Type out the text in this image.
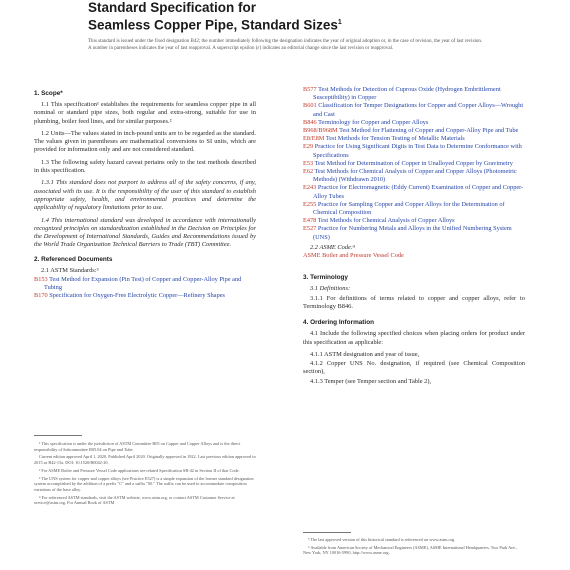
Standard Specification for
Seamless Copper Pipe, Standard Sizes$^1$
This standard is issued under the fixed designation B42; the number immediately following the designation indicates the year of original adoption or, in the case of revision, the year of last revision. A number in parentheses indicates the year of last reapproval. A superscript epsilon (ε) indicates an editorial change since the last revision or reapproval.
1. Scope*

1.1 This specification¹ establishes the requirements for seamless copper pipe in all nominal or standard pipe sizes, both regular and extra-strong, suitable for use in plumbing, boiler feed lines, and for similar purposes.²

1.2 Units—The values stated in inch-pound units are to be regarded as the standard. The values given in parentheses are mathematical conversions to SI units, which are provided for information only and are not considered standard.

1.3 The following safety hazard caveat pertains only to the test methods described in this specification.

1.3.1 This standard does not purport to address all of the safety concerns, if any, associated with its use. It is the responsibility of the user of this standard to establish appropriate safety, health, and environmental practices and determine the applicability of regulatory limitations prior to use.

1.4 This international standard was developed in accordance with internationally recognized principles on standardization established in the Decision on Principles for the Development of International Standards, Guides and Recommendations issued by the World Trade Organization Technical Barriers to Trade (TBT) Committee.

2. Referenced Documents

2.1 ASTM Standards:³

B153 Test Method for Expansion (Pin Test) of Copper and Copper-Alloy Pipe and Tubing

B170 Specification for Oxygen-Free Electrolytic Copper—Refinery Shapes

¹ This specification is under the jurisdiction of ASTM Committee B05 on Copper and Copper Alloys and is the direct responsibility of Subcommittee B05.04 on Pipe and Tube.

Current edition approved April 1, 2020. Published April 2020. Originally approved in 1922. Last previous edition approved in 2015 as B42-15a. DOI: 10.1520/B0042-20.

² For ASME Boiler and Pressure Vessel Code applications see related Specification SB-42 in Section II of that Code.

³ The UNS system for copper and copper alloys (see Practice E527) is a simple expansion of the former standard designation system accomplished by the addition of a prefix "C" and a suffix "00." The suffix can be used to accommodate composition variations of the base alloy.

⁴ For referenced ASTM standards, visit the ASTM website, www.astm.org, or contact ASTM Customer Service at service@astm.org. For Annual Book of ASTM

B577 Test Methods for Detection of Cuprous Oxide (Hydrogen Embrittlement Susceptibility) in Copper

B601 Classification for Temper Designations for Copper and Copper Alloys—Wrought and Cast

B846 Terminology for Copper and Copper Alloys

B968/B968M Test Method for Flattening of Copper and Copper-Alloy Pipe and Tube

E8/E8M Test Methods for Tension Testing of Metallic Materials

E29 Practice for Using Significant Digits in Test Data to Determine Conformance with Specifications

E53 Test Method for Determination of Copper in Unalloyed Copper by Gravimetry

E62 Test Methods for Chemical Analysis of Copper and Copper Alloys (Photometric Methods) (Withdrawn 2010)

E243 Practice for Electromagnetic (Eddy Current) Examination of Copper and Copper-Alloy Tubes

E255 Practice for Sampling Copper and Copper Alloys for the Determination of Chemical Composition

E478 Test Methods for Chemical Analysis of Copper Alloys

E527 Practice for Numbering Metals and Alloys in the Unified Numbering System (UNS)

2.2 ASME Code:⁵

ASME Boiler and Pressure Vessel Code

3. Terminology

3.1 Definitions:

3.1.1 For definitions of terms related to copper and copper alloys, refer to Terminology B846.

4. Ordering Information

4.1 Include the following specified choices when placing orders for product under this specification as applicable:

4.1.1 ASTM designation and year of issue,

4.1.2 Copper UNS No. designation, if required (see Chemical Composition section),

4.1.3 Temper (see Temper section and Table 2),

⁵ The last approved version of this historical standard is referenced on www.astm.org.

⁶ Available from American Society of Mechanical Engineers (ASME), ASME International Headquarters, Two Park Ave., New York, NY 10016-5990, http://www.asme.org.
